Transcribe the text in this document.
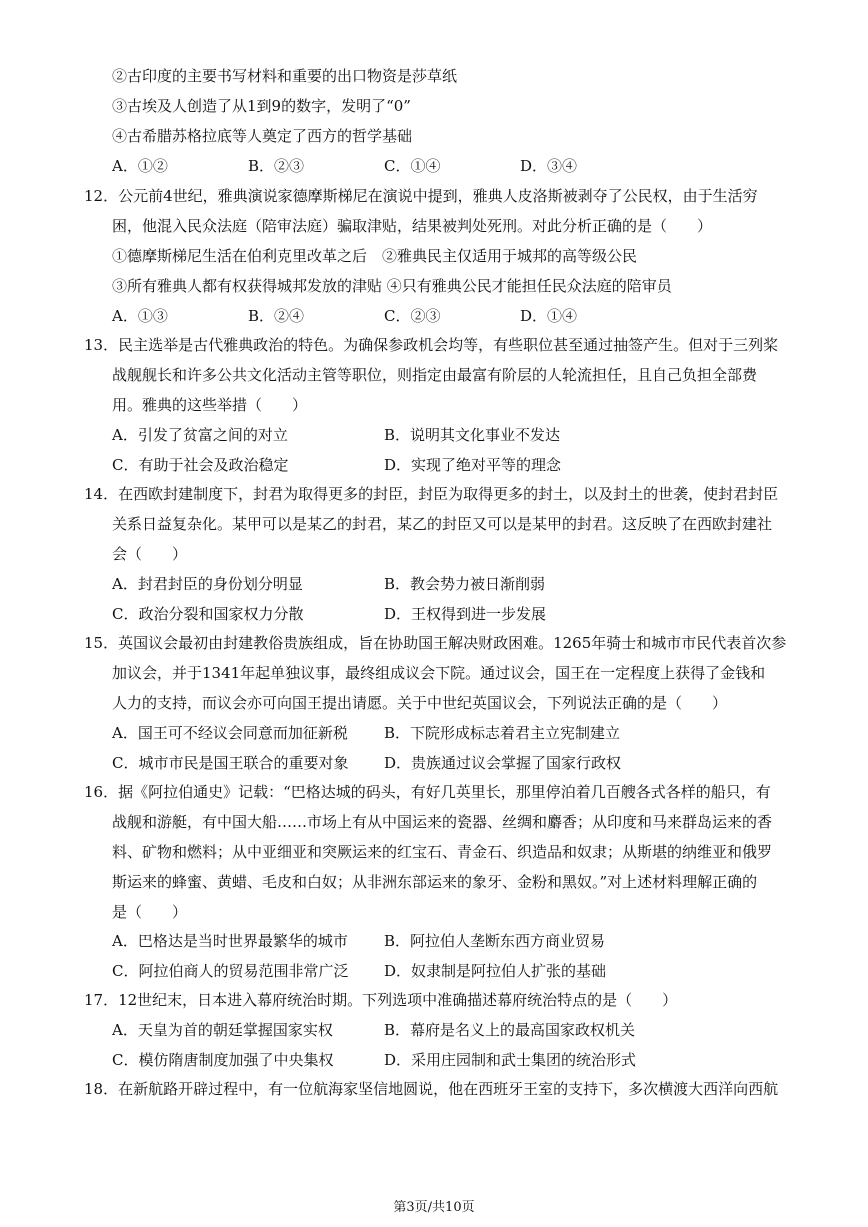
②古印度的主要书写材料和重要的出口物资是莎草纸
③古埃及人创造了从1到9的数字，发明了“0”
④古希腊苏格拉底等人奠定了西方的哲学基础
A．①②	B．②③	C．①④	D．③④
12．公元前4世纪，雅典演说家德摩斯梯尼在演说中提到，雅典人皮洛斯被剥夺了公民权，由于生活穷
困，他混入民众法庭（陪审法庭）骗取津贴，结果被判处死刑。对此分析正确的是（　　）
①德摩斯梯尼生活在伯利克里改革之后　②雅典民主仅适用于城邦的高等级公民
③所有雅典人都有权获得城邦发放的津贴 ④只有雅典公民才能担任民众法庭的陪审员
A．①③	B．②④	C．②③	D．①④
13．民主选举是古代雅典政治的特色。为确保参政机会均等，有些职位甚至通过抽签产生。但对于三列桨
战舰舰长和许多公共文化活动主管等职位，则指定由最富有阶层的人轮流担任，且自己负担全部费
用。雅典的这些举措（　　）
A．引发了贫富之间的对立	B．说明其文化事业不发达
C．有助于社会及政治稳定	D．实现了绝对平等的理念
14．在西欧封建制度下，封君为取得更多的封臣，封臣为取得更多的封土，以及封土的世袭，使封君封臣
关系日益复杂化。某甲可以是某乙的封君，某乙的封臣又可以是某甲的封君。这反映了在西欧封建社
会（　　）
A．封君封臣的身份划分明显	B．教会势力被日渐削弱
C．政治分裂和国家权力分散	D．王权得到进一步发展
15．英国议会最初由封建教俗贵族组成，旨在协助国王解决财政困难。1265年骑士和城市市民代表首次参
加议会，并于1341年起单独议事，最终组成议会下院。通过议会，国王在一定程度上获得了金钱和
人力的支持，而议会亦可向国王提出请愿。关于中世纪英国议会，下列说法正确的是（　　）
A．国王可不经议会同意而加征新税 B．下院形成标志着君主立宪制建立
C．城市市民是国王联合的重要对象 D．贵族通过议会掌握了国家行政权
16．据《阿拉伯通史》记载：“巴格达城的码头，有好几英里长，那里停泊着几百艘各式各样的船只，有
战舰和游艇，有中国大船……市场上有从中国运来的瓷器、丝绸和麝香；从印度和马来群岛运来的香
料、矿物和燃料；从中亚细亚和突厥运来的红宝石、青金石、织造品和奴隶；从斯堪的纳维亚和俄罗
斯运来的蜂蜜、黄蜡、毛皮和白奴；从非洲东部运来的象牙、金粉和黑奴。”对上述材料理解正确的
是（　　）
A．巴格达是当时世界最繁华的城市 B．阿拉伯人垄断东西方商业贸易
C．阿拉伯商人的贸易范围非常广泛 D．奴隶制是阿拉伯人扩张的基础
17．12世纪末，日本进入幕府统治时期。下列选项中准确描述幕府统治特点的是（　　）
A．天皇为首的朝廷掌握国家实权	B．幕府是名义上的最高国家政权机关
C．模仿隋唐制度加强了中央集权	D．采用庄园制和武士集团的统治形式
18．在新航路开辟过程中，有一位航海家坚信地圆说，他在西班牙王室的支持下，多次横渡大西洋向西航
第3页/共10页
